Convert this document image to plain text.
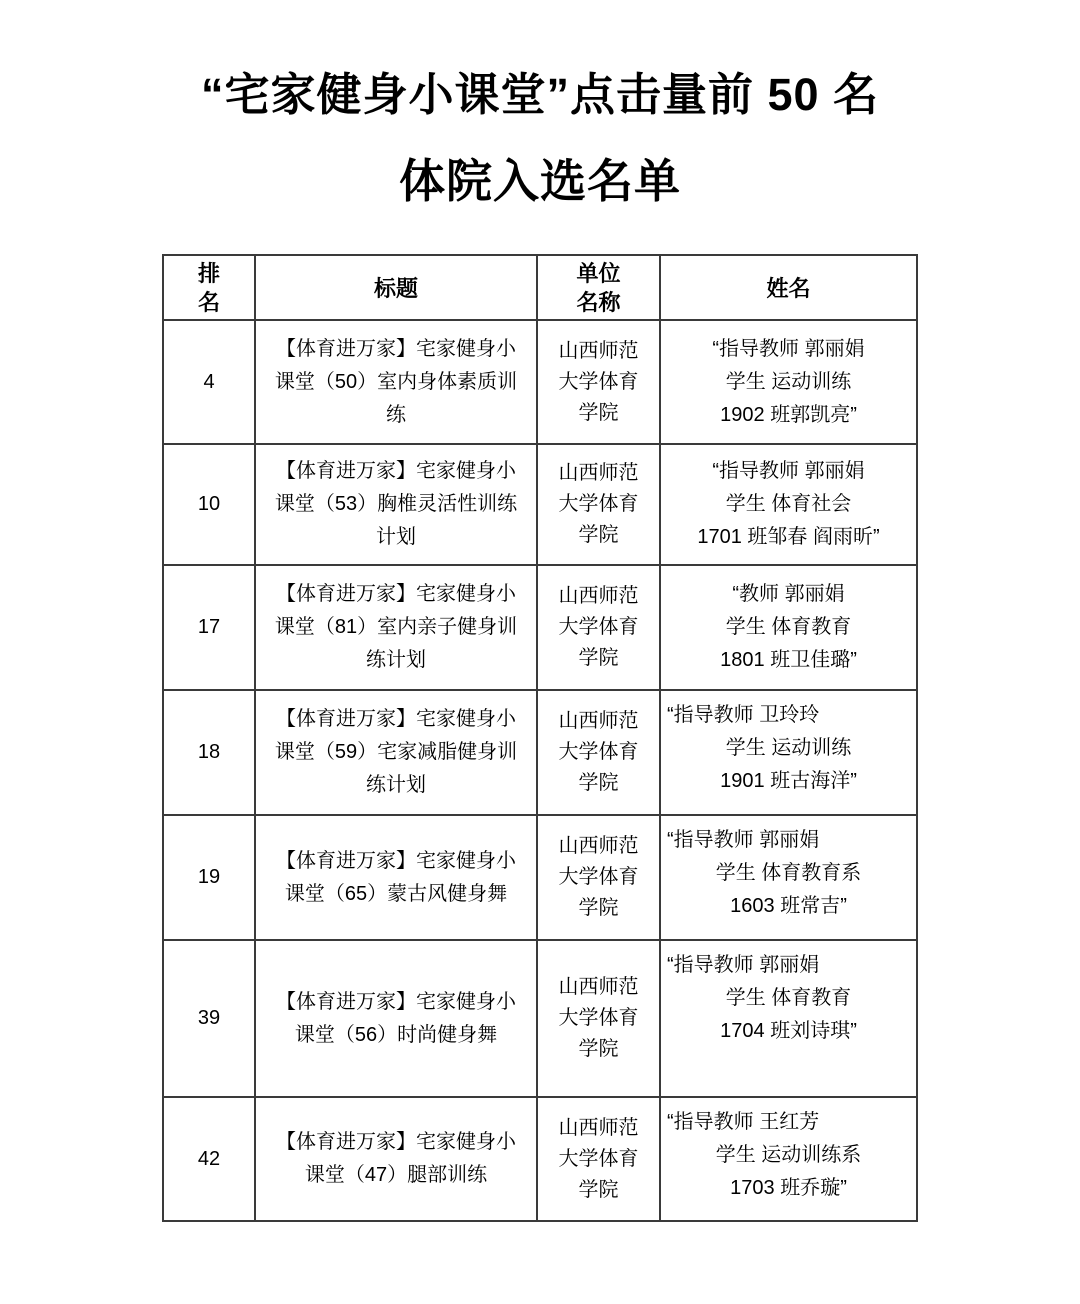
“宅家健身小课堂”点击量前 50 名
体院入选名单
排名	标题	单位名称	姓名
4	【体育进万家】宅家健身小课堂（50）室内身体素质训练	山西师范大学体育学院	“指导教师 郭丽娟
学生 运动训练
1902 班郭凯亮”

10	【体育进万家】宅家健身小课堂（53）胸椎灵活性训练计划	山西师范大学体育学院	“指导教师 郭丽娟
学生 体育社会
1701 班邹春 阎雨昕”

17	【体育进万家】宅家健身小课堂（81）室内亲子健身训练计划	山西师范大学体育学院	“教师 郭丽娟
学生 体育教育
1801 班卫佳璐”

18	【体育进万家】宅家健身小课堂（59）宅家减脂健身训练计划	山西师范大学体育学院	“指导教师 卫玲玲
学生 运动训练
1901 班古海洋”

19	【体育进万家】宅家健身小课堂（65）蒙古风健身舞	山西师范大学体育学院	“指导教师 郭丽娟
学生 体育教育系
1603 班常吉”

39	【体育进万家】宅家健身小课堂（56）时尚健身舞	山西师范大学体育学院	“指导教师 郭丽娟
学生 体育教育
1704 班刘诗琪”

42	【体育进万家】宅家健身小课堂（47）腿部训练	山西师范大学体育学院	“指导教师 王红芳
学生 运动训练系
1703 班乔璇”
